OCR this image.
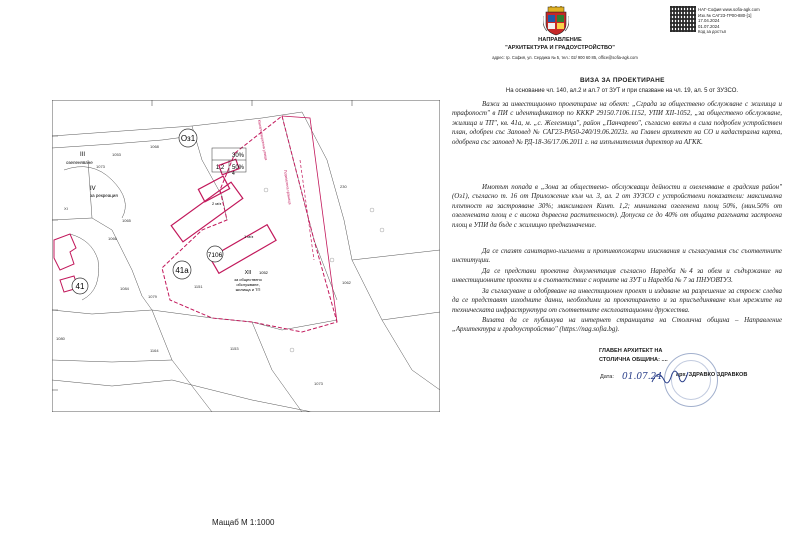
НАПРАВЛЕНИЕ
"АРХИТЕКТУРА И ГРАДОУСТРОЙСТВО"
адрес: гр. София, ул. Сердика № 5, тел.: 02/ 900 60 85, office@sofia-agk.com
НАГ-София www.sofia-agk.com
Изх.№ САГ23-ГР00-880-[1]
17.04.2024
01.07.2024
Код за достъп
Оз1
7106
41а
41
30%
1,2 50%
XII 1052
за обществено
обслужване,
жилища и ТП
IV
за рекреация
III
озеленяване
2 м/э
1 м/э
4
1073
1053
1068
1066
1065
1080
1084
1164
1151
1153
1073
1062
230
1079
XI
Поземлена граница
Канализационна улица
Мащаб М 1:1000
ВИЗА ЗА ПРОЕКТИРАНЕ
На основание чл. 140, ал.2 и ал.7 от ЗУТ и при спазване на чл. 19, ал. 5 от ЗУЗСО.
Важи за инвестиционно проектиране на обект: „Сграда за обществено обслужване с жилища и трафопост" в ПИ с идентификатор по КККР 29150.7106.1152, УПИ XII-1052, „за обществено обслужване, жилища и ТП", кв. 41а, м. „с. Железница", район „Панчарево", съгласно влязъл в сила подробен устройствен план, одобрен със Заповед № САГ23-РА50-240/19.06.2023г. на Главен архитект на СО и кадастрална карта, одобрена със заповед № РД-18-36/17.06.2011 г. на изпълнителния директор на АГКК.
Имотът попада в „Зона за обществено- обслужващи дейности и озеленяване в градския район" (Оз1), съгласно т. 16 от Приложение към чл. 3, ал. 2 от ЗУЗСО с устройствени показатели: максимална плътност на застрояване 30%; максимален Кинт. 1,2; минимална озеленена площ 50%, (мин.50% от озеленената площ е с висока дървесна растителност). Допуска се до 40% от общата разгъната застроена площ в УПИ да бъде с жилищно предназначение.
Да се спазят санитарно-хигиенни и противопожарни изисквания и съгласувания със съответните институции.
Да се представи проектна документация съгласно Наредба №4 за обем и съдържание на инвестиционните проекти и в съответствие с нормите на ЗУТ и Наредба № 7 за ПНУОВТУЗ.
За съгласуване и одобряване на инвестиционен проект и издаване на разрешение за строеж следва да се представят изходните данни, необходими за проектирането и за присъединяване към мрежите на техническата инфраструктура от съответните експлоатационни дружества.
Визата да се публикува на интернет страницата на Столична община – Направление „Архитектура и градоустройство" (https://nag.sofia.bg).
ГЛАВЕН АРХИТЕКТ НА
СТОЛИЧНА ОБЩИНА: ....
Дата: 01.07.24 арх. ЗДРАВКО ЗДРАВКОВ
